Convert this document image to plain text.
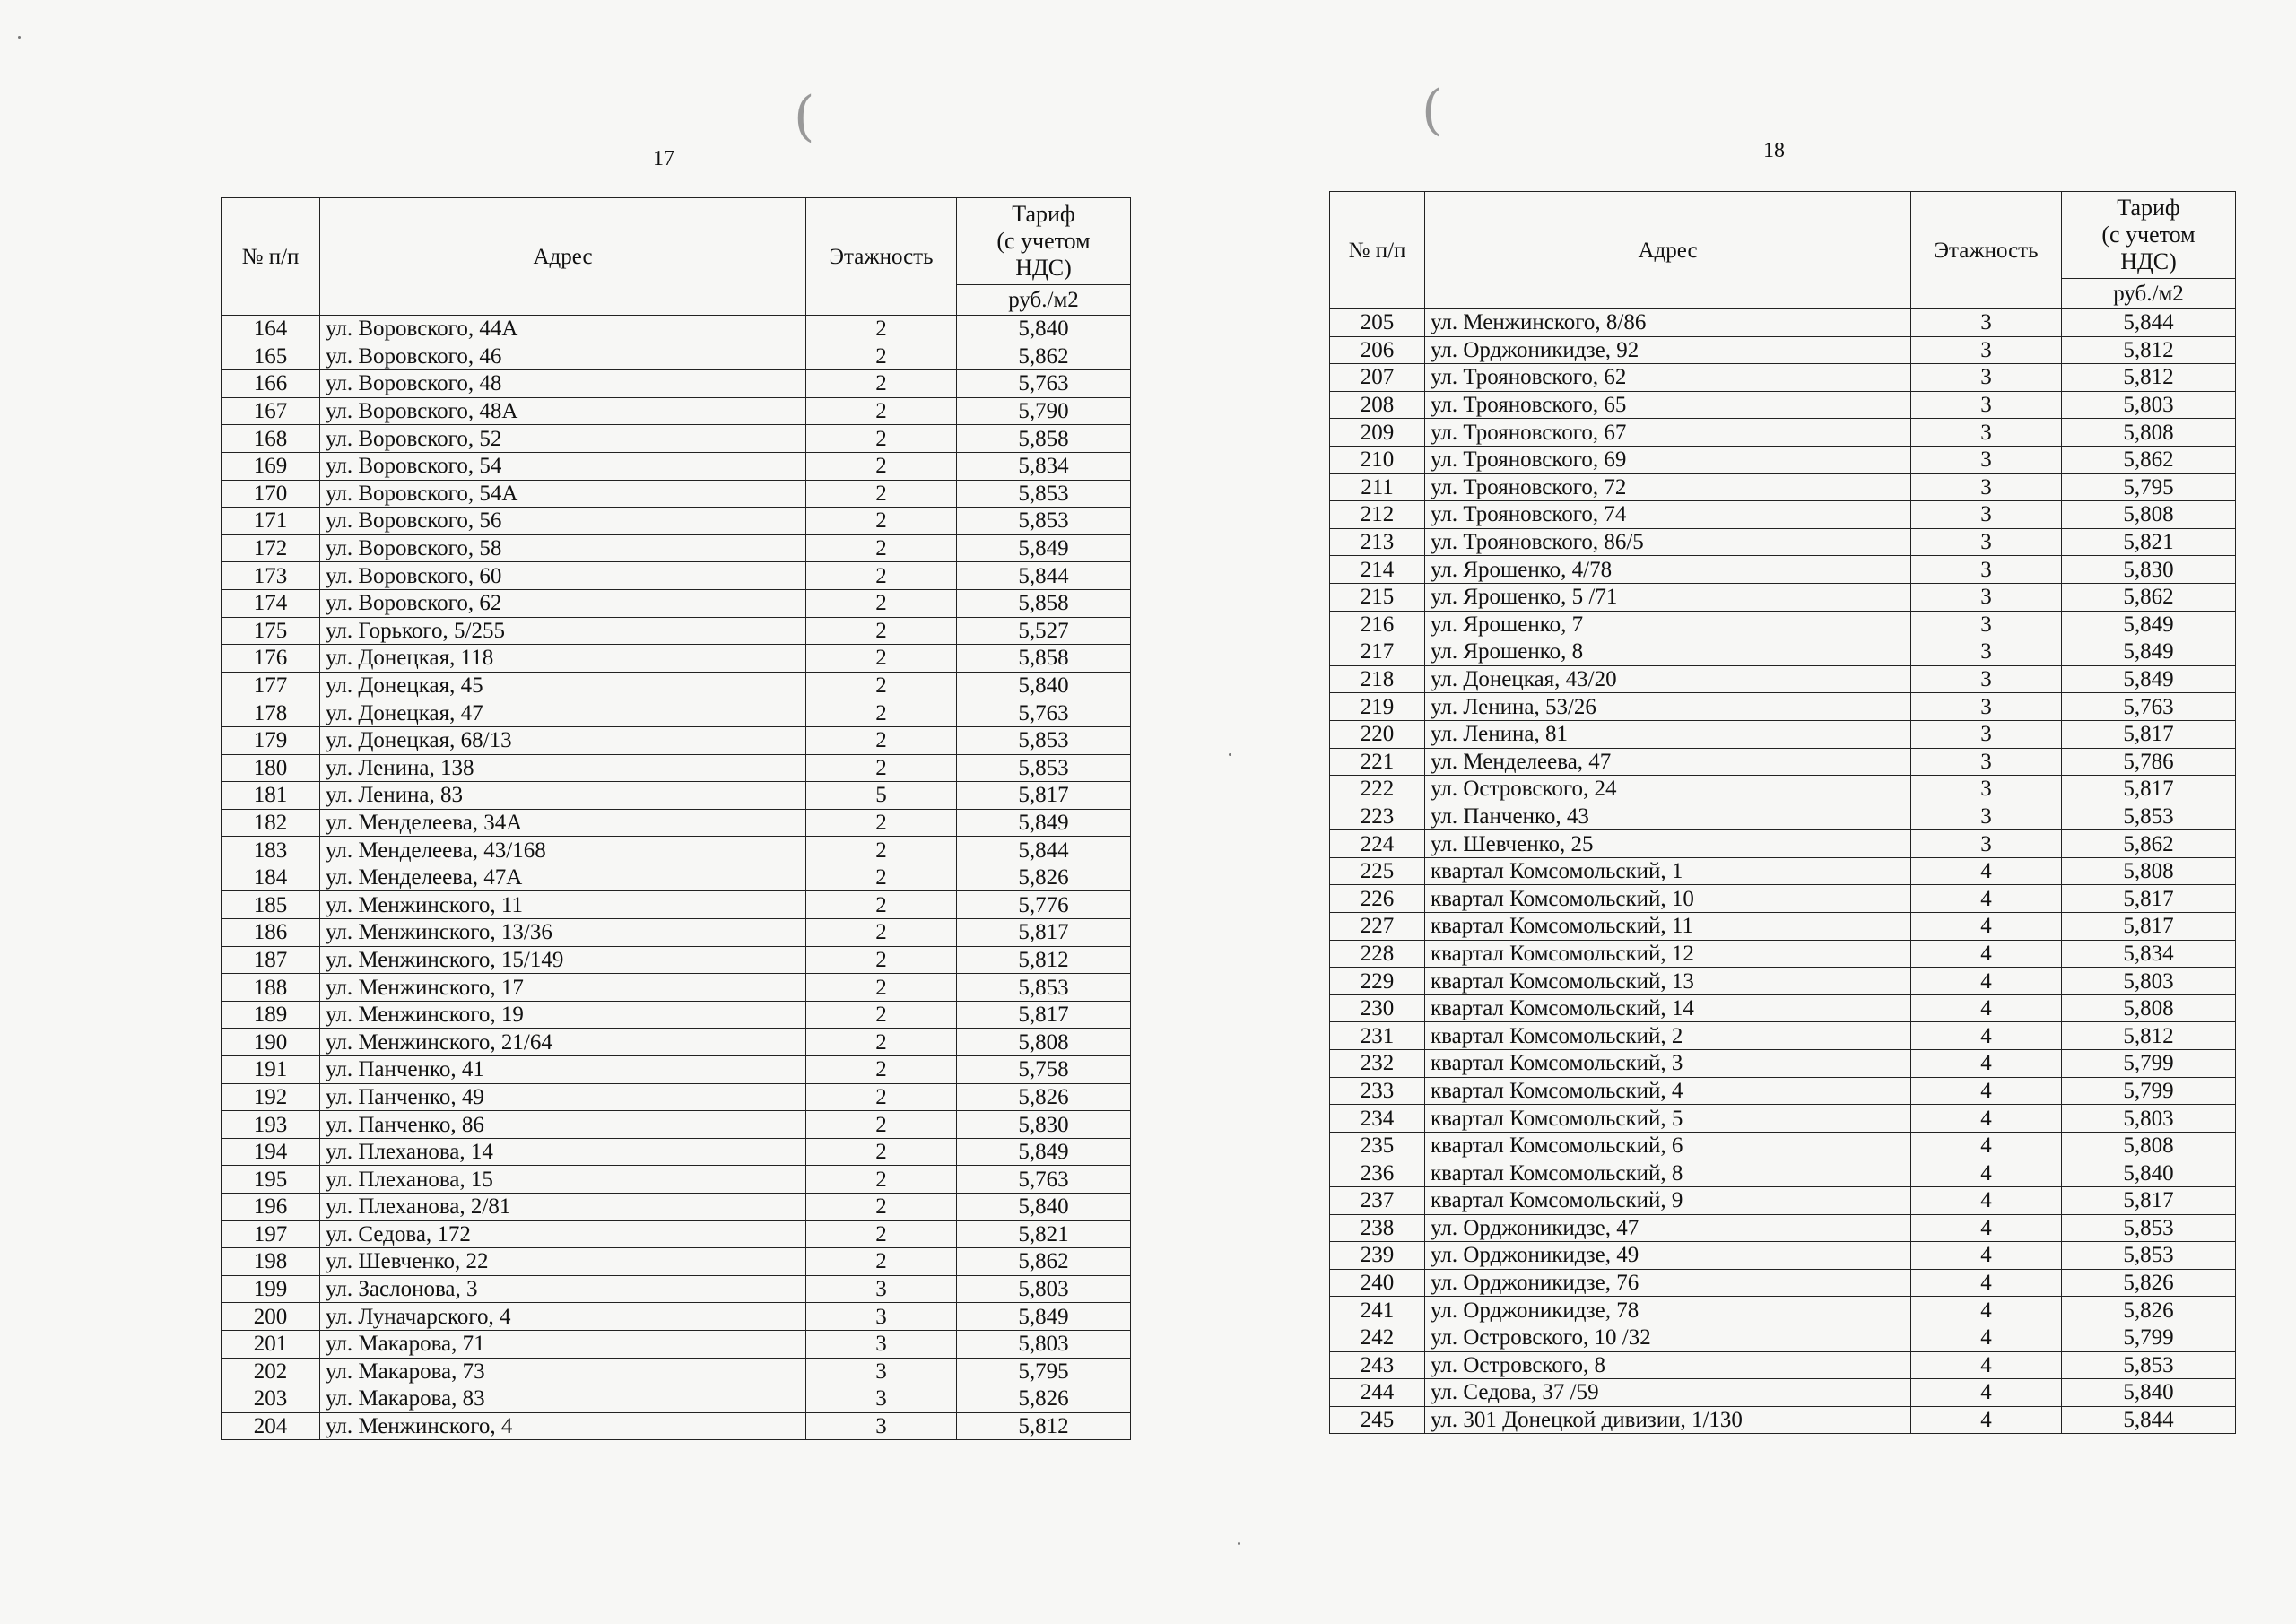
(	(
17
№ п/п	Адрес	Этажность	Тариф
(с учетом
НДС)

			руб./м2
164	ул. Воровского, 44А	2	5,840
165	ул. Воровского, 46	2	5,862
166	ул. Воровского, 48	2	5,763
167	ул. Воровского, 48А	2	5,790
168	ул. Воровского, 52	2	5,858
169	ул. Воровского, 54	2	5,834
170	ул. Воровского, 54А	2	5,853
171	ул. Воровского, 56	2	5,853
172	ул. Воровского, 58	2	5,849
173	ул. Воровского, 60	2	5,844
174	ул. Воровского, 62	2	5,858
175	ул. Горького, 5/255	2	5,527
176	ул. Донецкая, 118	2	5,858
177	ул. Донецкая, 45	2	5,840
178	ул. Донецкая, 47	2	5,763
179	ул. Донецкая, 68/13	2	5,853
180	ул. Ленина, 138	2	5,853
181	ул. Ленина, 83	5	5,817
182	ул. Менделеева, 34А	2	5,849
183	ул. Менделеева, 43/168	2	5,844
184	ул. Менделеева, 47А	2	5,826
185	ул. Менжинского, 11	2	5,776
186	ул. Менжинского, 13/36	2	5,817
187	ул. Менжинского, 15/149	2	5,812
188	ул. Менжинского, 17	2	5,853
189	ул. Менжинского, 19	2	5,817
190	ул. Менжинского, 21/64	2	5,808
191	ул. Панченко, 41	2	5,758
192	ул. Панченко, 49	2	5,826
193	ул. Панченко, 86	2	5,830
194	ул. Плеханова, 14	2	5,849
195	ул. Плеханова, 15	2	5,763
196	ул. Плеханова, 2/81	2	5,840
197	ул. Седова, 172	2	5,821
198	ул. Шевченко, 22	2	5,862
199	ул. Заслонова, 3	3	5,803
200	ул. Луначарского, 4	3	5,849
201	ул. Макарова, 71	3	5,803
202	ул. Макарова, 73	3	5,795
203	ул. Макарова, 83	3	5,826
204	ул. Менжинского, 4	3	5,812
18
№ п/п	Адрес	Этажность	Тариф
(с учетом
НДС)

			руб./м2
205	ул. Менжинского, 8/86	3	5,844
206	ул. Орджоникидзе, 92	3	5,812
207	ул. Трояновского, 62	3	5,812
208	ул. Трояновского, 65	3	5,803
209	ул. Трояновского, 67	3	5,808
210	ул. Трояновского, 69	3	5,862
211	ул. Трояновского, 72	3	5,795
212	ул. Трояновского, 74	3	5,808
213	ул. Трояновского, 86/5	3	5,821
214	ул. Ярошенко, 4/78	3	5,830
215	ул. Ярошенко, 5 /71	3	5,862
216	ул. Ярошенко, 7	3	5,849
217	ул. Ярошенко, 8	3	5,849
218	ул. Донецкая, 43/20	3	5,849
219	ул. Ленина, 53/26	3	5,763
220	ул. Ленина, 81	3	5,817
221	ул. Менделеева, 47	3	5,786
222	ул. Островского, 24	3	5,817
223	ул. Панченко, 43	3	5,853
224	ул. Шевченко, 25	3	5,862
225	квартал Комсомольский, 1	4	5,808
226	квартал Комсомольский, 10	4	5,817
227	квартал Комсомольский, 11	4	5,817
228	квартал Комсомольский, 12	4	5,834
229	квартал Комсомольский, 13	4	5,803
230	квартал Комсомольский, 14	4	5,808
231	квартал Комсомольский, 2	4	5,812
232	квартал Комсомольский, 3	4	5,799
233	квартал Комсомольский, 4	4	5,799
234	квартал Комсомольский, 5	4	5,803
235	квартал Комсомольский, 6	4	5,808
236	квартал Комсомольский, 8	4	5,840
237	квартал Комсомольский, 9	4	5,817
238	ул. Орджоникидзе, 47	4	5,853
239	ул. Орджоникидзе, 49	4	5,853
240	ул. Орджоникидзе, 76	4	5,826
241	ул. Орджоникидзе, 78	4	5,826
242	ул. Островского, 10 /32	4	5,799
243	ул. Островского, 8	4	5,853
244	ул. Седова, 37 /59	4	5,840
245	ул. 301 Донецкой дивизии, 1/130	4	5,844
